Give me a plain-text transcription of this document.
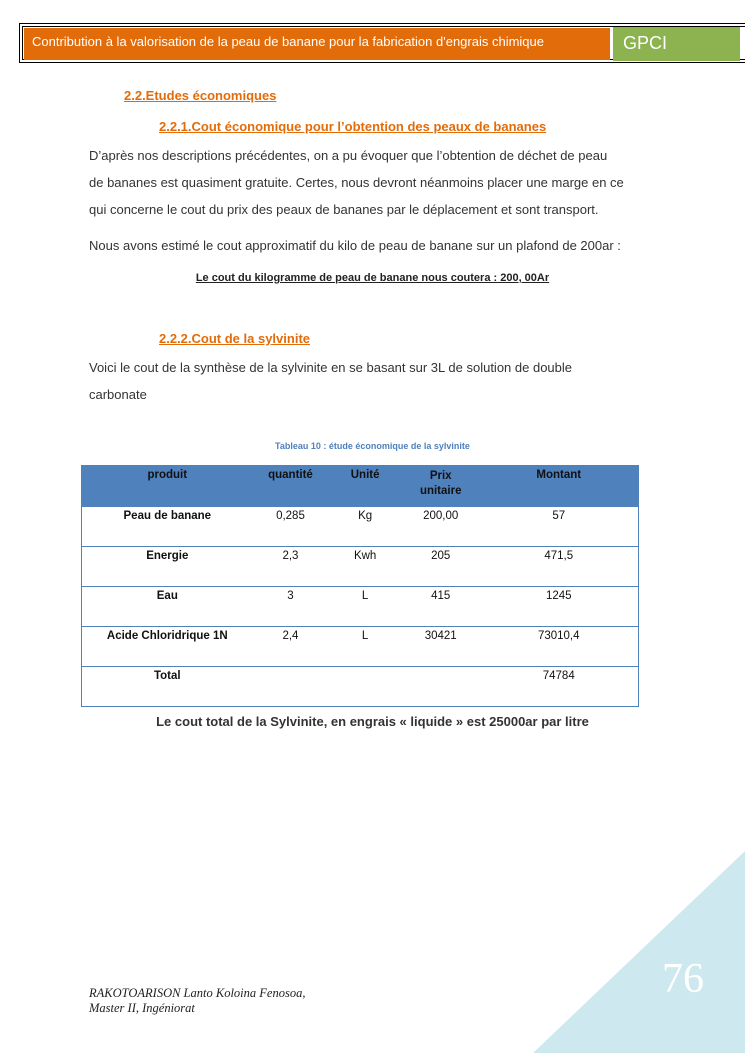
Contribution à la valorisation de la peau de banane pour la fabrication d'engrais chimique	GPCI
2.2.Etudes économiques
2.2.1.Cout économique pour l’obtention des peaux de bananes
D’après nos descriptions précédentes, on a pu évoquer que l’obtention de déchet de peau
de bananes est quasiment gratuite. Certes, nous devront néanmoins placer une marge en ce
qui concerne le cout du prix des peaux de bananes par le déplacement et sont transport.
Nous avons estimé le cout approximatif du kilo de peau de banane sur un plafond de 200ar :
Le cout du kilogramme de peau de banane nous coutera : 200, 00Ar
2.2.2.Cout de la sylvinite
Voici le cout de la synthèse de la sylvinite en se basant sur 3L de solution de double
carbonate
Tableau 10 : étude économique de la sylvinite
produit	quantité	Unité	Prix unitaire	Montant
Peau de banane	0,285	Kg	200,00	57
Energie	2,3	Kwh	205	471,5
Eau	3	L	415	1245
Acide Chloridrique 1N	2,4	L	30421	73010,4
Total				74784
Le cout total de la Sylvinite, en engrais « liquide » est 25000ar par litre
76
RAKOTOARISON Lanto Koloina Fenosoa,
Master II, Ingéniorat
